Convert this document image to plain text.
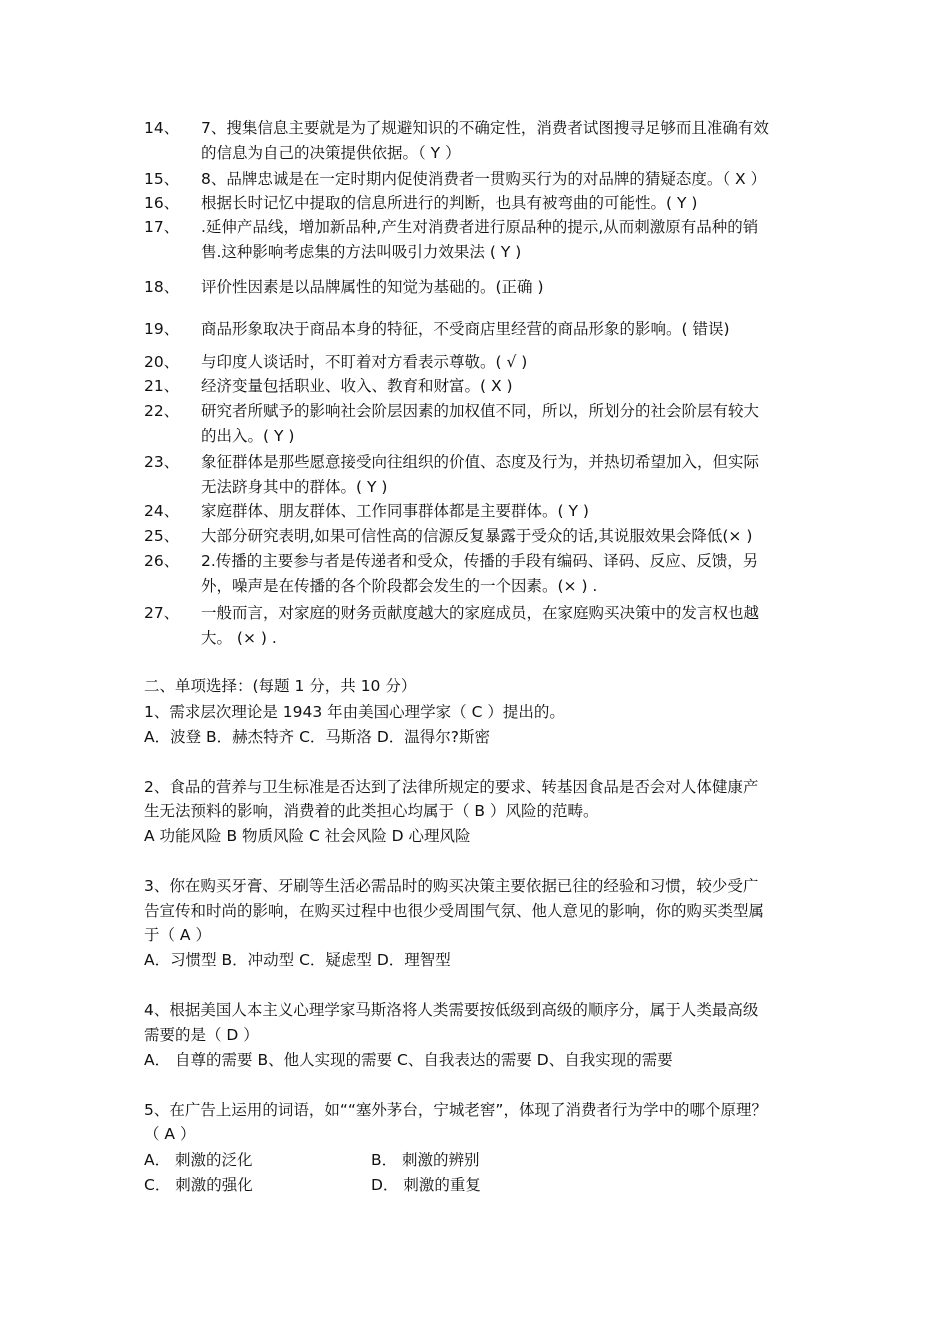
14、 7、搜集信息主要就是为了规避知识的不确定性，消费者试图搜寻足够而且准确有效
的信息为自己的决策提供依据。（ Y ）
15、 8、品牌忠诚是在一定时期内促使消费者一贯购买行为的对品牌的猜疑态度。（ X ）
16、 根据长时记忆中提取的信息所进行的判断，也具有被弯曲的可能性。( Y )
17、 .延伸产品线，增加新品种,产生对消费者进行原品种的提示,从而刺激原有品种的销
售.这种影响考虑集的方法叫吸引力效果法 ( Y )
18、 评价性因素是以品牌属性的知觉为基础的。(正确 )
19、 商品形象取决于商品本身的特征，不受商店里经营的商品形象的影响。( 错误)
20、 与印度人谈话时，不盯着对方看表示尊敬。( √ )
21、 经济变量包括职业、收入、教育和财富。( X )
22、 研究者所赋予的影响社会阶层因素的加权值不同，所以，所划分的社会阶层有较大
的出入。( Y )
23、 象征群体是那些愿意接受向往组织的价值、态度及行为，并热切希望加入，但实际
无法跻身其中的群体。( Y )
24、 家庭群体、朋友群体、工作同事群体都是主要群体。( Y )
25、 大部分研究表明,如果可信性高的信源反复暴露于受众的话,其说服效果会降低(× )
26、 2.传播的主要参与者是传递者和受众，传播的手段有编码、译码、反应、反馈，另
外，噪声是在传播的各个阶段都会发生的一个因素。(× ) .
27、 一般而言，对家庭的财务贡献度越大的家庭成员，在家庭购买决策中的发言权也越
大。 (× ) .
二、单项选择：(每题 1 分，共 10 分）
1、需求层次理论是 1943 年由美国心理学家（ C ）提出的。
A．波登 B．赫杰特齐 C．马斯洛 D．温得尔?斯密
2、食品的营养与卫生标准是否达到了法律所规定的要求、转基因食品是否会对人体健康产
生无法预料的影响，消费着的此类担心均属于（ B ）风险的范畴。
A 功能风险 B 物质风险 C 社会风险 D 心理风险
3、你在购买牙膏、牙刷等生活必需品时的购买决策主要依据已往的经验和习惯，较少受广
告宣传和时尚的影响，在购买过程中也很少受周围气氛、他人意见的影响，你的购买类型属
于（ A ）
A．习惯型 B．冲动型 C．疑虑型 D．理智型
4、根据美国人本主义心理学家马斯洛将人类需要按低级到高级的顺序分，属于人类最高级
需要的是（ D ）
A． 自尊的需要 B、他人实现的需要 C、自我表达的需要 D、自我实现的需要
5、在广告上运用的词语，如““塞外茅台，宁城老窖”，体现了消费者行为学中的哪个原理？
（ A ）
A． 刺激的泛化	B． 刺激的辨别
C． 刺激的强化	D． 刺激的重复
